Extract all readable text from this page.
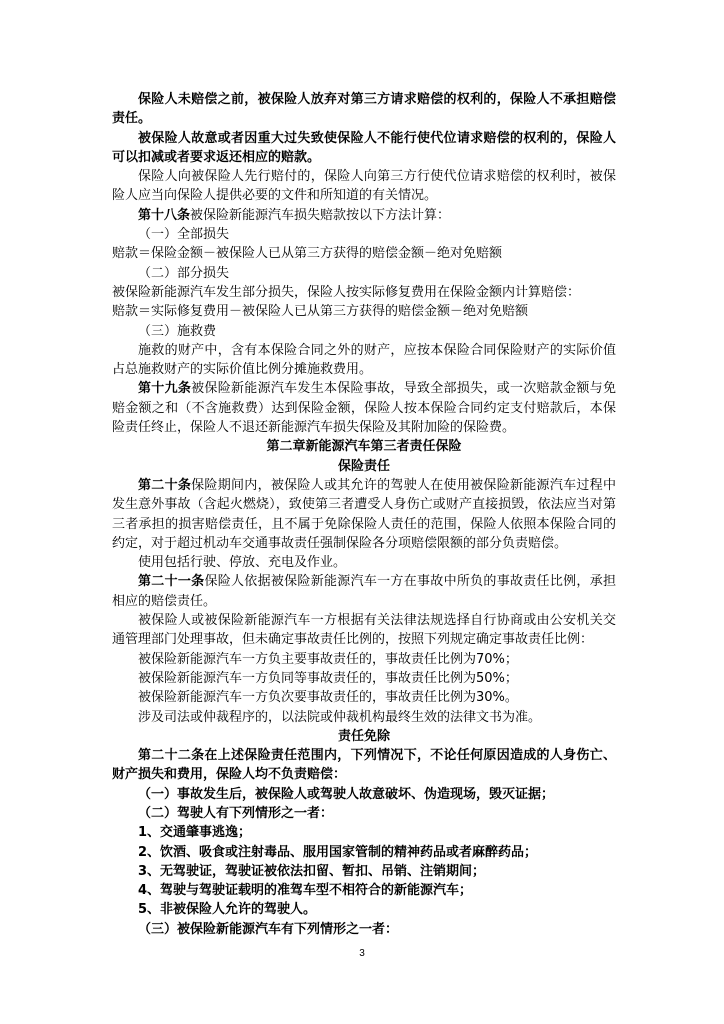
保险人未赔偿之前，被保险人放弃对第三方请求赔偿的权利的，保险人不承担赔偿责任。

被保险人故意或者因重大过失致使保险人不能行使代位请求赔偿的权利的，保险人可以扣减或者要求返还相应的赔款。

保险人向被保险人先行赔付的，保险人向第三方行使代位请求赔偿的权利时，被保险人应当向保险人提供必要的文件和所知道的有关情况。

第十八条被保险新能源汽车损失赔款按以下方法计算：

（一）全部损失

赔款＝保险金额－被保险人已从第三方获得的赔偿金额－绝对免赔额

（二）部分损失

被保险新能源汽车发生部分损失，保险人按实际修复费用在保险金额内计算赔偿：

赔款＝实际修复费用－被保险人已从第三方获得的赔偿金额－绝对免赔额

（三）施救费

施救的财产中，含有本保险合同之外的财产，应按本保险合同保险财产的实际价值占总施救财产的实际价值比例分摊施救费用。

第十九条被保险新能源汽车发生本保险事故，导致全部损失，或一次赔款金额与免赔金额之和（不含施救费）达到保险金额，保险人按本保险合同约定支付赔款后，本保险责任终止，保险人不退还新能源汽车损失保险及其附加险的保险费。

第二章新能源汽车第三者责任保险

保险责任

第二十条保险期间内，被保险人或其允许的驾驶人在使用被保险新能源汽车过程中发生意外事故（含起火燃烧），致使第三者遭受人身伤亡或财产直接损毁，依法应当对第三者承担的损害赔偿责任，且不属于免除保险人责任的范围，保险人依照本保险合同的约定，对于超过机动车交通事故责任强制保险各分项赔偿限额的部分负责赔偿。

使用包括行驶、停放、充电及作业。

第二十一条保险人依据被保险新能源汽车一方在事故中所负的事故责任比例，承担相应的赔偿责任。

被保险人或被保险新能源汽车一方根据有关法律法规选择自行协商或由公安机关交通管理部门处理事故，但未确定事故责任比例的，按照下列规定确定事故责任比例：

被保险新能源汽车一方负主要事故责任的，事故责任比例为70%；

被保险新能源汽车一方负同等事故责任的，事故责任比例为50%；

被保险新能源汽车一方负次要事故责任的，事故责任比例为30%。

涉及司法或仲裁程序的，以法院或仲裁机构最终生效的法律文书为准。

责任免除

第二十二条在上述保险责任范围内，下列情况下，不论任何原因造成的人身伤亡、财产损失和费用，保险人均不负责赔偿：

（一）事故发生后，被保险人或驾驶人故意破坏、伪造现场，毁灭证据；

（二）驾驶人有下列情形之一者：

1、交通肇事逃逸；

2、饮酒、吸食或注射毒品、服用国家管制的精神药品或者麻醉药品；

3、无驾驶证，驾驶证被依法扣留、暂扣、吊销、注销期间；

4、驾驶与驾驶证载明的准驾车型不相符合的新能源汽车；

5、非被保险人允许的驾驶人。

（三）被保险新能源汽车有下列情形之一者：

3
